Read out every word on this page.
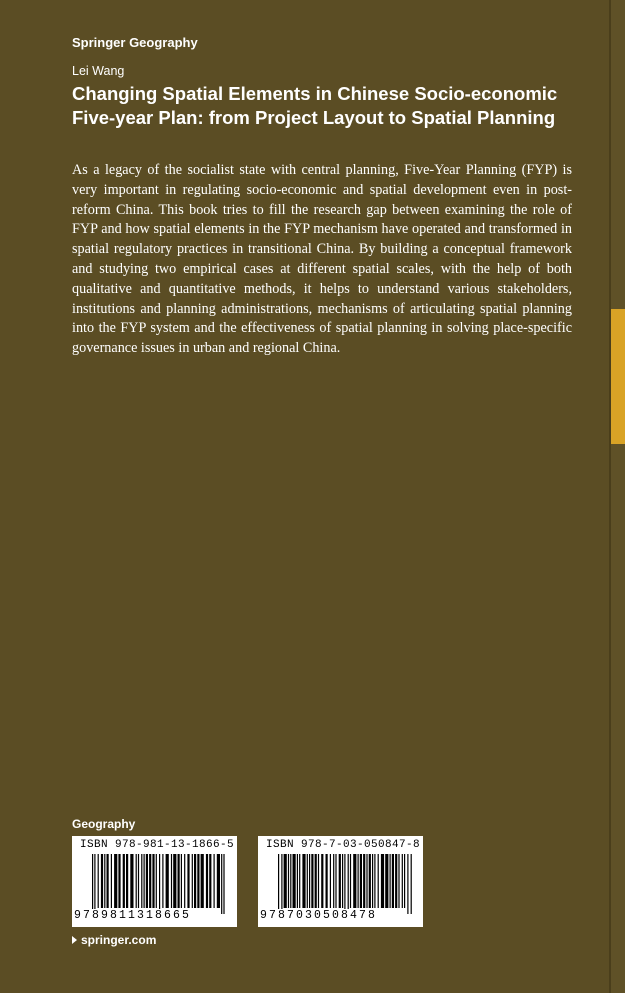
Springer Geography
Lei Wang
Changing Spatial Elements in Chinese Socio-economic Five-year Plan: from Project Layout to Spatial Planning
As a legacy of the socialist state with central planning, Five-Year Planning (FYP) is very important in regulating socio-economic and spatial development even in post-reform China. This book tries to fill the research gap between examining the role of FYP and how spatial elements in the FYP mechanism have operated and transformed in spatial regulatory practices in transitional China. By building a conceptual framework and studying two empirical cases at different spatial scales, with the help of both qualitative and quantitative methods, it helps to understand various stakeholders, institutions and planning administrations, mechanisms of articulating spatial planning into the FYP system and the effectiveness of spatial planning in solving place-specific governance issues in urban and regional China.
Geography
ISBN 978-981-13-1866-5
9789811318665
ISBN 978-7-03-050847-8
9787030508478
springer.com
